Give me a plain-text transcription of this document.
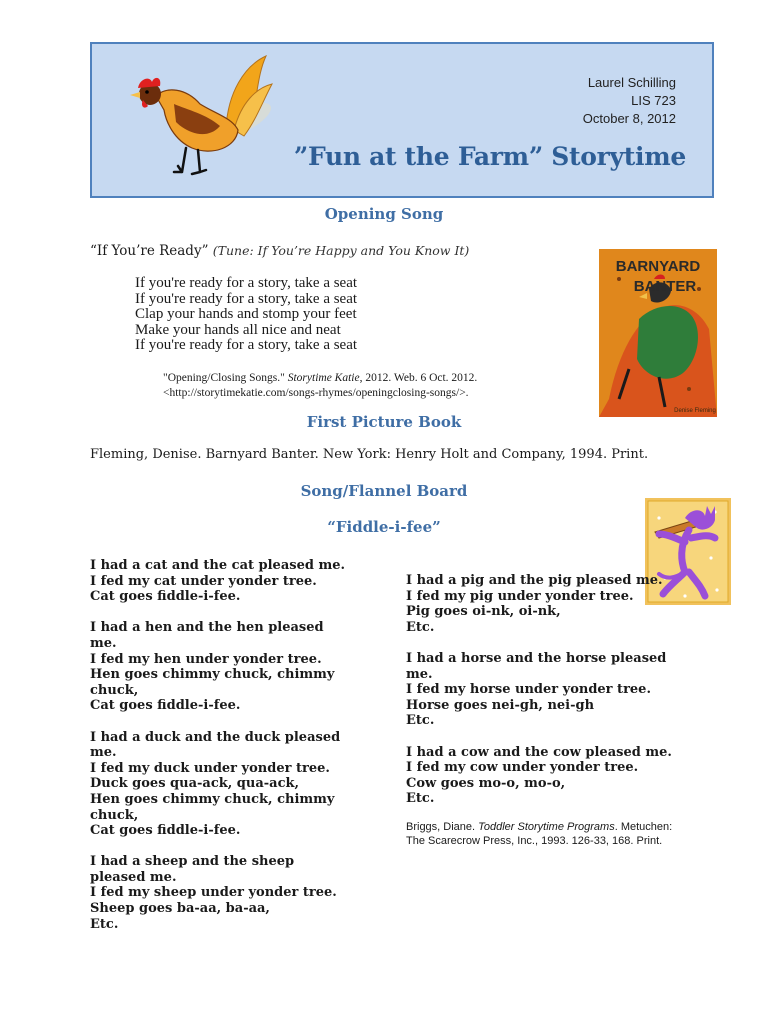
Laurel Schilling
LIS 723
October 8, 2012
”Fun at the Farm” Storytime
Opening Song
“If You’re Ready” (Tune: If You’re Happy and You Know It)
If you're ready for a story, take a seat
If you're ready for a story, take a seat
Clap your hands and stomp your feet
Make your hands all nice and neat
If you're ready for a story, take a seat
"Opening/Closing Songs." Storytime Katie, 2012. Web. 6 Oct. 2012.
<http://storytimekatie.com/songs-rhymes/openingclosing-songs/>.
BARNYARD
BANTER
Denise Fleming
First Picture Book
Fleming, Denise. Barnyard Banter. New York: Henry Holt and Company, 1994. Print.
Song/Flannel Board
“Fiddle-i-fee”
I had a cat and the cat pleased me.
I fed my cat under yonder tree.
Cat goes fiddle-i-fee.
I had a hen and the hen pleased me.
I fed my hen under yonder tree.
Hen goes chimmy chuck, chimmy
chuck,
Cat goes fiddle-i-fee.
I had a duck and the duck pleased me.
I fed my duck under yonder tree.
Duck goes qua-ack, qua-ack,
Hen goes chimmy chuck, chimmy
chuck,
Cat goes fiddle-i-fee.
I had a sheep and the sheep pleased me.
I fed my sheep under yonder tree.
Sheep goes ba-aa, ba-aa,
Etc.
I had a pig and the pig pleased me.
I fed my pig under yonder tree.
Pig goes oi-nk, oi-nk,
Etc.
I had a horse and the horse pleased me.
I fed my horse under yonder tree.
Horse goes nei-gh, nei-gh
Etc.
I had a cow and the cow pleased me.
I fed my cow under yonder tree.
Cow goes mo-o, mo-o,
Etc.
Briggs, Diane. Toddler Storytime Programs. Metuchen: The Scarecrow Press, Inc., 1993. 126-33, 168. Print.
